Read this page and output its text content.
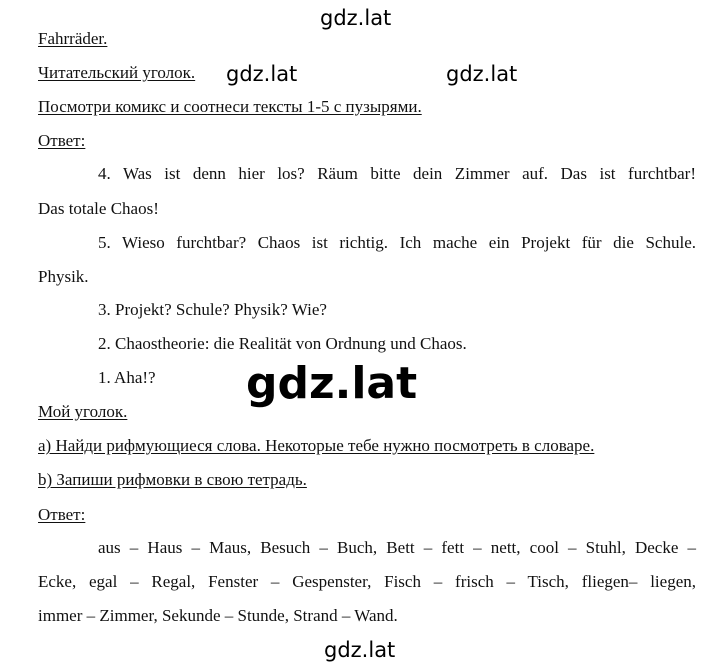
Fahrräder.
Читательский уголок.
Посмотри комикс и соотнеси тексты 1-5 с пузырями.
Ответ:
4. Was ist denn hier los? Räum bitte dein Zimmer auf. Das ist furchtbar!
Das totale Chaos!
5. Wieso furchtbar? Chaos ist richtig. Ich mache ein Projekt für die Schule.
Physik.
3. Projekt? Schule? Physik? Wie?
2. Chaostheorie: die Realität von Ordnung und Chaos.
1. Aha!?
Мой уголок.
a) Найди рифмующиеся слова. Некоторые тебе нужно посмотреть в словаре.
b) Запиши рифмовки в свою тетрадь.
Ответ:
aus – Haus – Maus, Besuch – Buch, Bett – fett – nett, cool – Stuhl, Decke –
Ecke, egal – Regal, Fenster – Gespenster, Fisch – frisch – Tisch, fliegen– liegen,
immer – Zimmer, Sekunde – Stunde, Strand – Wand.
gdz.lat
gdz.lat	gdz.lat
gdz.lat
gdz.lat
